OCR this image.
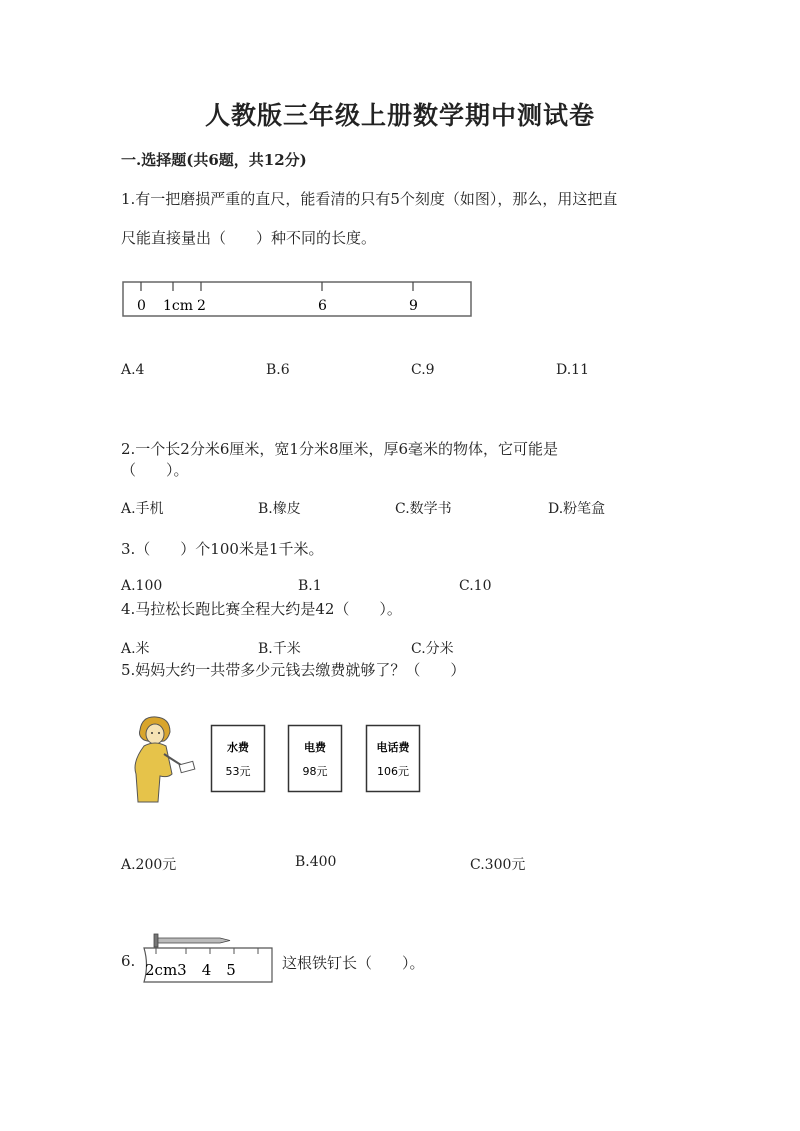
人教版三年级上册数学期中测试卷
一.选择题(共6题，共12分)
1.有一把磨损严重的直尺，能看清的只有5个刻度（如图），那么，用这把直
尺能直接量出（　　）种不同的长度。
0 1cm 2	6	9
A.4	B.6	C.9	D.11
2.一个长2分米6厘米，宽1分米8厘米，厚6毫米的物体，它可能是
（　　）。
A.手机	B.橡皮	C.数学书	D.粉笔盒
3.（　　）个100米是1千米。
A.100	B.1	C.10
4.马拉松长跑比赛全程大约是42（　　）。
A.米	B.千米	C.分米
5.妈妈大约一共带多少元钱去缴费就够了？（　　）
水费
53元
电费
98元
电话费
106元
A.200元	B.400	C.300元
6. 2cm3　4　5	这根铁钉长（　　）。
